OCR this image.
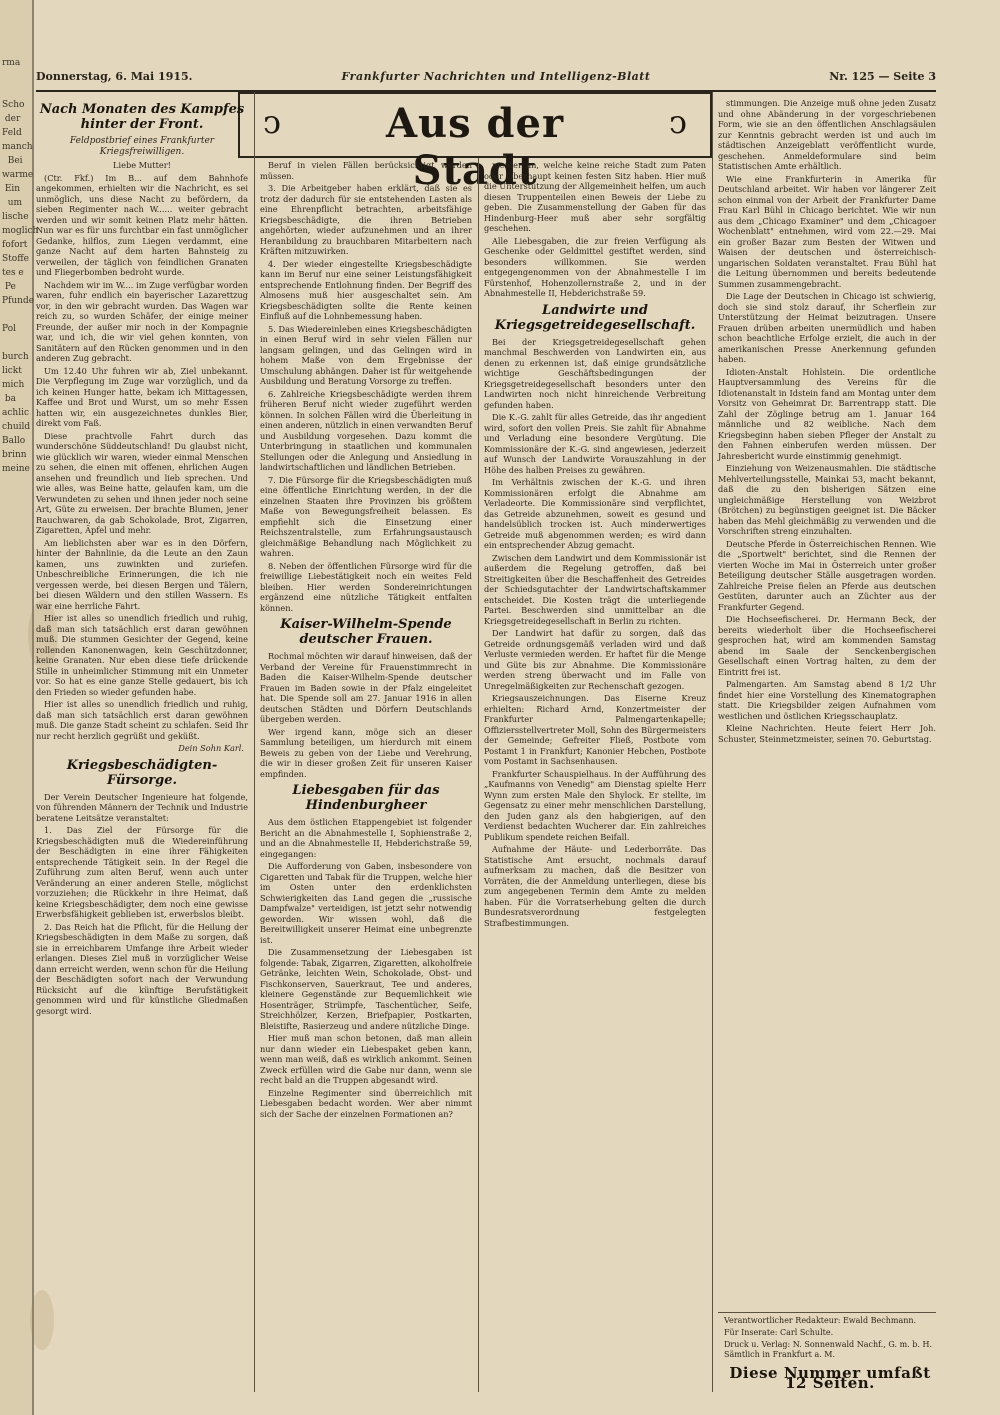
rma

Scho
der
Feld
manch
Bei
warme
Ein
um
lische
moglich
fofort
Stoffe
tes e
Pe
Pfunde

Pol

burch
lickt
mich
ba
achlic
chuild
Ballo
brinn
meine

Donnerstag, 6. Mai 1915.	Frankfurter Nachrichten und Intelligenz-Blatt	Nr. 125 — Seite 3
ↄ	Aus der Stadt
ↄ
Nach Monaten des Kampfes hinter der Front.
Feldpostbrief eines Frankfurter Kriegsfreiwilligen.

Liebe Mutter!

(Ctr. Fkf.) Im B... auf dem Bahnhofe angekommen, erhielten wir die Nachricht, es sei unmöglich, uns diese Nacht zu befördern, da sieben Regimenter nach W...... weiter gebracht werden und wir somit keinen Platz mehr hätten. Nun war es für uns furchtbar ein fast unmöglicher Gedanke, hilflos, zum Liegen verdammt, eine ganze Nacht auf dem harten Bahnsteig zu verweilen, der täglich von feindlichen Granaten und Fliegerbomben bedroht wurde.

Nachdem wir im W.... im Zuge verfügbar worden waren, fuhr endlich ein bayerischer Lazarettzug vor, in den wir gebracht wurden. Das Wagen war reich zu, so wurden Schäfer, der einige meiner Freunde, der außer mir noch in der Kompagnie war, und ich, die wir viel gehen konnten, von Sanitätern auf den Rücken genommen und in den anderen Zug gebracht.

Um 12.40 Uhr fuhren wir ab, Ziel unbekannt. Die Verpflegung im Zuge war vorzüglich, und da ich keinen Hunger hatte, bekam ich Mittagessen, Kaffee und Brot und Wurst, um so mehr Essen hatten wir, ein ausgezeichnetes dunkles Bier, direkt vom Faß.

Diese prachtvolle Fahrt durch das wunderschöne Süddeutschland! Du glaubst nicht, wie glücklich wir waren, wieder einmal Menschen zu sehen, die einen mit offenen, ehrlichen Augen ansehen und freundlich und lieb sprechen. Und wie alles, was Beine hatte, gelaufen kam, um die Verwundeten zu sehen und ihnen jeder noch seine Art, Güte zu erweisen. Der brachte Blumen, jener Rauchwaren, da gab Schokolade, Brot, Zigarren, Zigaretten, Äpfel und mehr.

Am lieblichsten aber war es in den Dörfern, hinter der Bahnlinie, da die Leute an den Zaun kamen, uns zuwinkten und zuriefen. Unbeschreibliche Erinnerungen, die ich nie vergessen werde, bei diesen Bergen und Tälern, bei diesen Wäldern und den stillen Wassern. Es war eine herrliche Fahrt.

Hier ist alles so unendlich friedlich und ruhig, daß man sich tatsächlich erst daran gewöhnen muß. Die stummen Gesichter der Gegend, keine rollenden Kanonenwagen, kein Geschützdonner, keine Granaten. Nur eben diese tiefe drückende Stille in unheimlicher Stimmung mit ein Unmeter vor. So hat es eine ganze Stelle gedauert, bis ich den Frieden so wieder gefunden habe.

Hier ist alles so unendlich friedlich und ruhig, daß man sich tatsächlich erst daran gewöhnen muß. Die ganze Stadt scheint zu schlafen. Seid Ihr nur recht herzlich gegrüßt und geküßt.

Dein Sohn Karl.
Kriegsbeschädigten-Fürsorge.

Der Verein Deutscher Ingenieure hat folgende, von führenden Männern der Technik und Industrie beratene Leitsätze veranstaltet:

1. Das Ziel der Fürsorge für die Kriegsbeschädigten muß die Wiedereinführung der Beschädigten in eine ihrer Fähigkeiten entsprechende Tätigkeit sein. In der Regel die Zuführung zum alten Beruf, wenn auch unter Veränderung an einer anderen Stelle, möglichst vorzuziehen; die Rückkehr in ihre Heimat, daß keine Kriegsbeschädigter, dem noch eine gewisse Erwerbsfähigkeit geblieben ist, erwerbslos bleibt.

2. Das Reich hat die Pflicht, für die Heilung der Kriegsbeschädigten in dem Maße zu sorgen, daß sie in erreichbarem Umfange ihre Arbeit wieder erlangen. Dieses Ziel muß in vorzüglicher Weise dann erreicht werden, wenn schon für die Heilung der Beschädigten sofort nach der Verwundung Rücksicht auf die künftige Berufstätigkeit genommen wird und für künstliche Gliedmaßen gesorgt wird.

Beruf in vielen Fällen berücksichtigt werden müssen.

3. Die Arbeitgeber haben erklärt, daß sie es trotz der dadurch für sie entstehenden Lasten als eine Ehrenpflicht betrachten, arbeitsfähige Kriegsbeschädigte, die ihren Betrieben angehörten, wieder aufzunehmen und an ihrer Heranbildung zu brauchbaren Mitarbeitern nach Kräften mitzuwirken.

4. Der wieder eingestellte Kriegsbeschädigte kann im Beruf nur eine seiner Leistungsfähigkeit entsprechende Entlohnung finden. Der Begriff des Almosens muß hier ausgeschaltet sein. Am Kriegsbeschädigten sollte die Rente keinen Einfluß auf die Lohnbemessung haben.

5. Das Wiedereinleben eines Kriegsbeschädigten in einen Beruf wird in sehr vielen Fällen nur langsam gelingen, und das Gelingen wird in hohem Maße von dem Ergebnisse der Umschulung abhängen. Daher ist für weitgehende Ausbildung und Beratung Vorsorge zu treffen.

6. Zahlreiche Kriegsbeschädigte werden ihrem früheren Beruf nicht wieder zugeführt werden können. In solchen Fällen wird die Überleitung in einen anderen, nützlich in einen verwandten Beruf und Ausbildung vorgesehen. Dazu kommt die Unterbringung in staatlichen und kommunalen Stellungen oder die Anlegung und Ansiedlung in landwirtschaftlichen und ländlichen Betrieben.

7. Die Fürsorge für die Kriegsbeschädigten muß eine öffentliche Einrichtung werden, in der die einzelnen Staaten ihre Provinzen bis größtem Maße von Bewegungsfreiheit belassen. Es empfiehlt sich die Einsetzung einer Reichszentralstelle, zum Erfahrungsaustausch gleichmäßige Behandlung nach Möglichkeit zu wahren.

8. Neben der öffentlichen Fürsorge wird für die freiwillige Liebestätigkeit noch ein weites Feld bleiben. Hier werden Sondereinrichtungen ergänzend eine nützliche Tätigkeit entfalten können.

Kaiser-Wilhelm-Spende deutscher Frauen.

Rochmal möchten wir darauf hinweisen, daß der Verband der Vereine für Frauenstimmrecht in Baden die Kaiser-Wilhelm-Spende deutscher Frauen im Baden sowie in der Pfalz eingeleitet hat. Die Spende soll am 27. Januar 1916 in allen deutschen Städten und Dörfern Deutschlands übergeben werden.

Wer irgend kann, möge sich an dieser Sammlung beteiligen, um hierdurch mit einem Beweis zu geben von der Liebe und Verehrung, die wir in dieser großen Zeit für unseren Kaiser empfinden.

Liebesgaben für das Hindenburgheer

Aus dem östlichen Etappengebiet ist folgender Bericht an die Abnahmestelle I, Sophienstraße 2, und an die Abnahmestelle II, Hebderichstraße 59, eingegangen:

Die Aufforderung von Gaben, insbesondere von Cigaretten und Tabak für die Truppen, welche hier im Osten unter den erdenklichsten Schwierigkeiten das Land gegen die „russische Dampfwalze" verteidigen, ist jetzt sehr notwendig geworden. Wir wissen wohl, daß die Bereitwilligkeit unserer Heimat eine unbegrenzte ist.

Die Zusammensetzung der Liebesgaben ist folgende: Tabak, Zigarren, Zigaretten, alkoholfreie Getränke, leichten Wein, Schokolade, Obst- und Fischkonserven, Sauerkraut, Tee und anderes, kleinere Gegenstände zur Bequemlichkeit wie Hosenträger, Strümpfe, Taschentücher, Seife, Streichhölzer, Kerzen, Briefpapier, Postkarten, Bleistifte, Rasierzeug und andere nützliche Dinge.

Hier muß man schon betonen, daß man allein nur dann wieder ein Liebespaket geben kann, wenn man weiß, daß es wirklich ankommt. Seinen Zweck erfüllen wird die Gabe nur dann, wenn sie recht bald an die Truppen abgesandt wird.

Einzelne Regimenter sind überreichlich mit Liebesgaben bedacht worden. Wer aber nimmt sich der Sache der einzelnen Formationen an?

menter an, welche keine reiche Stadt zum Paten oder Oberhaupt keinen festen Sitz haben. Hier muß die Unterstützung der Allgemeinheit helfen, um auch diesen Truppenteilen einen Beweis der Liebe zu geben. Die Zusammenstellung der Gaben für das Hindenburg-Heer muß aber sehr sorgfältig geschehen.

Alle Liebesgaben, die zur freien Verfügung als Geschenke oder Geldmittel gestiftet werden, sind besonders willkommen. Sie werden entgegengenommen von der Abnahmestelle I im Fürstenhof, Hohenzollernstraße 2, und in der Abnahmestelle II, Hebderichstraße 59.

Landwirte und Kriegsgetreidegesellschaft.

Bei der Kriegsgetreidegesellschaft gehen manchmal Beschwerden von Landwirten ein, aus denen zu erkennen ist, daß einige grundsätzliche wichtige Geschäftsbedingungen der Kriegsgetreidegesellschaft besonders unter den Landwirten noch nicht hinreichende Verbreitung gefunden haben.

Die K.-G. zahlt für alles Getreide, das ihr angedient wird, sofort den vollen Preis. Sie zahlt für Abnahme und Verladung eine besondere Vergütung. Die Kommissionäre der K.-G. sind angewiesen, jederzeit auf Wunsch der Landwirte Vorauszahlung in der Höhe des halben Preises zu gewähren.

Im Verhältnis zwischen der K.-G. und ihren Kommissionären erfolgt die Abnahme am Verladeorte. Die Kommissionäre sind verpflichtet, das Getreide abzunehmen, soweit es gesund und handelsüblich trocken ist. Auch minderwertiges Getreide muß abgenommen werden; es wird dann ein entsprechender Abzug gemacht.

Zwischen dem Landwirt und dem Kommissionär ist außerdem die Regelung getroffen, daß bei Streitigkeiten über die Beschaffenheit des Getreides der Schiedsgutachter der Landwirtschaftskammer entscheidet. Die Kosten trägt die unterliegende Partei. Beschwerden sind unmittelbar an die Kriegsgetreidegesellschaft in Berlin zu richten.

Der Landwirt hat dafür zu sorgen, daß das Getreide ordnungsgemäß verladen wird und daß Verluste vermieden werden. Er haftet für die Menge und Güte bis zur Abnahme. Die Kommissionäre werden streng überwacht und im Falle von Unregelmäßigkeiten zur Rechenschaft gezogen.

Kriegsauszeichnungen. Das Eiserne Kreuz erhielten: Richard Arnd, Konzertmeister der Frankfurter Palmengartenkapelle; Offiziersstellvertreter Moll, Sohn des Bürgermeisters der Gemeinde; Gefreiter Fließ, Postbote vom Postamt 1 in Frankfurt; Kanonier Hebchen, Postbote vom Postamt in Sachsenhausen.

Frankfurter Schauspielhaus. In der Aufführung des „Kaufmanns von Venedig" am Dienstag spielte Herr Wynn zum ersten Male den Shylock. Er stellte, im Gegensatz zu einer mehr menschlichen Darstellung, den Juden ganz als den habgierigen, auf den Verdienst bedachten Wucherer dar. Ein zahlreiches Publikum spendete reichen Beifall.

Aufnahme der Häute- und Lederborräte. Das Statistische Amt ersucht, nochmals darauf aufmerksam zu machen, daß die Besitzer von Vorräten, die der Anmeldung unterliegen, diese bis zum angegebenen Termin dem Amte zu melden haben. Für die Vorratserhebung gelten die durch Bundesratsverordnung festgelegten Strafbestimmungen.

stimmungen. Die Anzeige muß ohne jeden Zusatz und ohne Abänderung in der vorgeschriebenen Form, wie sie an den öffentlichen Anschlagsäulen zur Kenntnis gebracht werden ist und auch im städtischen Anzeigeblatt veröffentlicht wurde, geschehen. Anmeldeformulare sind beim Statistischen Amte erhältlich.

Wie eine Frankfurterin in Amerika für Deutschland arbeitet. Wir haben vor längerer Zeit schon einmal von der Arbeit der Frankfurter Dame Frau Karl Bühl in Chicago berichtet. Wie wir nun aus dem „Chicago Examiner" und dem „Chicagoer Wochenblatt" entnehmen, wird vom 22.—29. Mai ein großer Bazar zum Besten der Witwen und Waisen der deutschen und österreichisch-ungarischen Soldaten veranstaltet. Frau Bühl hat die Leitung übernommen und bereits bedeutende Summen zusammengebracht.

Die Lage der Deutschen in Chicago ist schwierig, doch sie sind stolz darauf, ihr Scherflein zur Unterstützung der Heimat beizutragen. Unsere Frauen drüben arbeiten unermüdlich und haben schon beachtliche Erfolge erzielt, die auch in der amerikanischen Presse Anerkennung gefunden haben.

Idioten-Anstalt Hohlstein. Die ordentliche Hauptversammlung des Vereins für die Idiotenanstalt in Idstein fand am Montag unter dem Vorsitz von Geheimrat Dr. Barrentrapp statt. Die Zahl der Zöglinge betrug am 1. Januar 164 männliche und 82 weibliche. Nach dem Kriegsbeginn haben sieben Pfleger der Anstalt zu den Fahnen einberufen werden müssen. Der Jahresbericht wurde einstimmig genehmigt.

Einziehung von Weizenausmahlen. Die städtische Mehlverteilungsstelle, Mainkai 53, macht bekannt, daß die zu den bisherigen Sätzen eine ungleichmäßige Herstellung von Weizbrot (Brötchen) zu begünstigen geeignet ist. Die Bäcker haben das Mehl gleichmäßig zu verwenden und die Vorschriften streng einzuhalten.

Deutsche Pferde in Österreichischen Rennen. Wie die „Sportwelt" berichtet, sind die Rennen der vierten Woche im Mai in Österreich unter großer Beteiligung deutscher Ställe ausgetragen worden. Zahlreiche Preise fielen an Pferde aus deutschen Gestüten, darunter auch an Züchter aus der Frankfurter Gegend.

Die Hochseefischerei. Dr. Hermann Beck, der bereits wiederholt über die Hochseefischerei gesprochen hat, wird am kommenden Samstag abend im Saale der Senckenbergischen Gesellschaft einen Vortrag halten, zu dem der Eintritt frei ist.

Palmengarten. Am Samstag abend 8 1/2 Uhr findet hier eine Vorstellung des Kinematographen statt. Die Kriegsbilder zeigen Aufnahmen vom westlichen und östlichen Kriegsschauplatz.

Kleine Nachrichten. Heute feiert Herr Joh. Schuster, Steinmetzmeister, seinen 70. Geburtstag.

Verantwortlicher Redakteur: Ewald Bechmann.
Für Inserate: Carl Schulte.
Druck u. Verlag: N. Sonnenwald Nachf., G. m. b. H. Sämtlich in Frankfurt a. M.
Diese Nummer umfaßt 12 Seiten.
